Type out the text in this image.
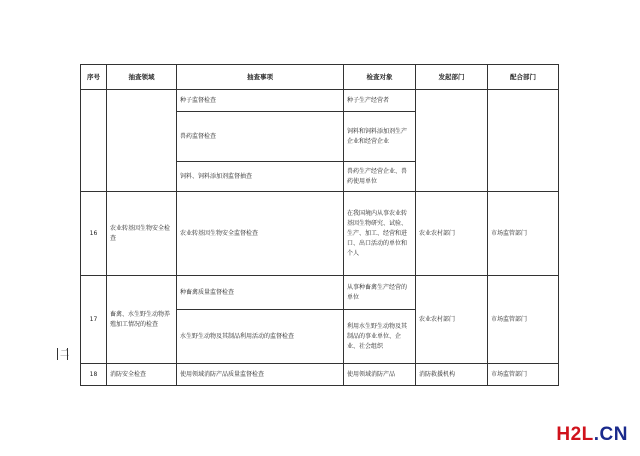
二
序号	抽查领域	抽查事项	检查对象	发起部门	配合部门
		种子监督检查	种子生产经营者		
		兽药监督检查	饲料和饲料添加剂生产企业和经营企业		
		饲料、饲料添加剂监督抽查	兽药生产经营企业、兽药使用单位		
16	农业转基因生物安全检查	农业转基因生物安全监督检查	在我国境内从事农业转基因生物研究、试验、生产、加工、经营和进口、出口活动的单位和个人	农业农村部门	市场监管部门
17	畜禽、水生野生动物养殖加工情况的检查	种畜禽质量监督检查	从事种畜禽生产经营的单位	农业农村部门	市场监管部门
		水生野生动物及其制品利用活动的监督检查	利用水生野生动物及其制品的事业单位、企业、社会组织		
18	消防安全检查	使用领域消防产品质量监督检查	使用领域消防产品	消防救援机构	市场监管部门
H2L.CN
